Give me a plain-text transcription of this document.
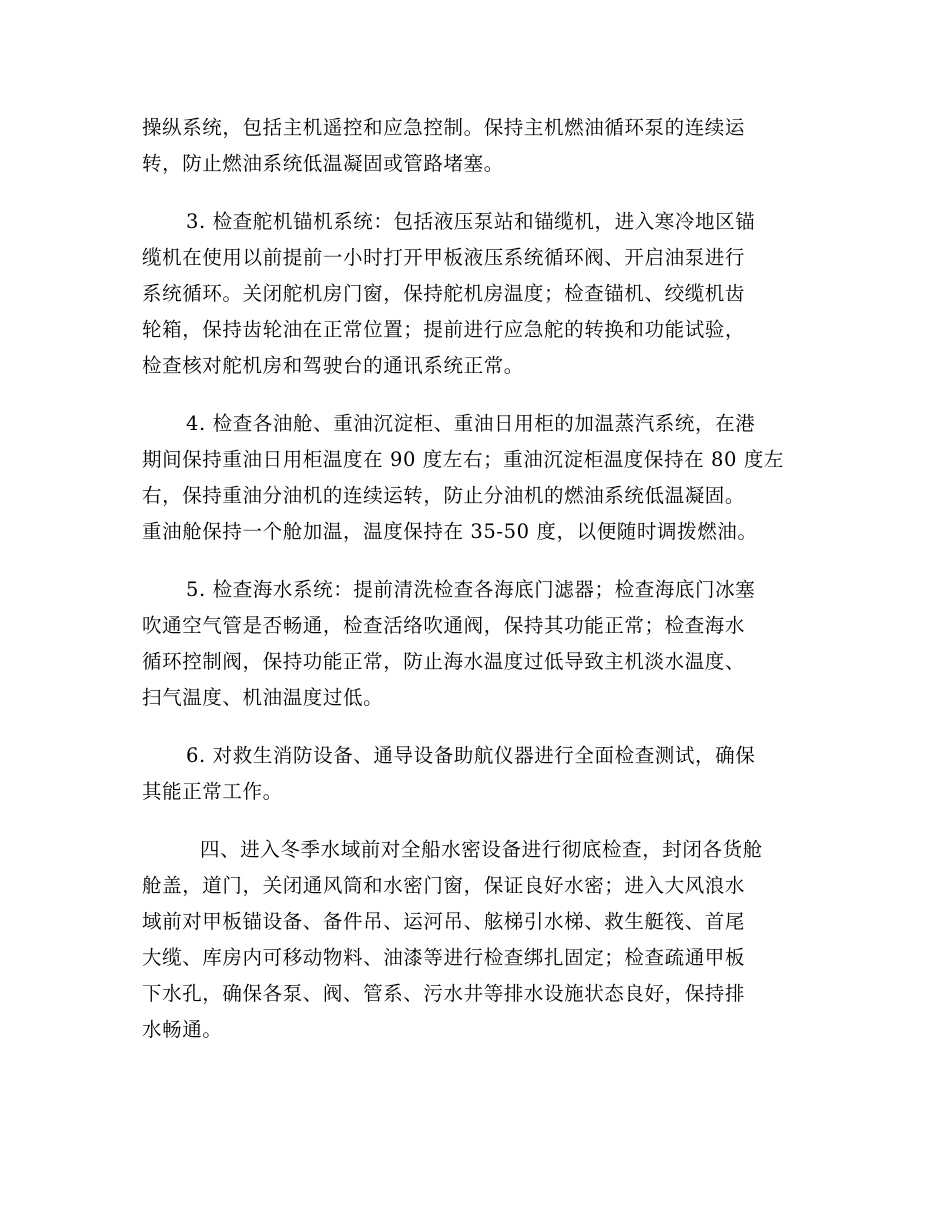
操纵系统，包括主机遥控和应急控制。保持主机燃油循环泵的连续运
转，防止燃油系统低温凝固或管路堵塞。

3. 检查舵机锚机系统：包括液压泵站和锚缆机，进入寒冷地区锚
缆机在使用以前提前一小时打开甲板液压系统循环阀、开启油泵进行
系统循环。关闭舵机房门窗，保持舵机房温度；检查锚机、绞缆机齿
轮箱，保持齿轮油在正常位置；提前进行应急舵的转换和功能试验，
检查核对舵机房和驾驶台的通讯系统正常。

4. 检查各油舱、重油沉淀柜、重油日用柜的加温蒸汽系统，在港
期间保持重油日用柜温度在 90 度左右；重油沉淀柜温度保持在 80 度左
右，保持重油分油机的连续运转，防止分油机的燃油系统低温凝固。
重油舱保持一个舱加温，温度保持在 35-50 度，以便随时调拨燃油。

5. 检查海水系统：提前清洗检查各海底门滤器；检查海底门冰塞
吹通空气管是否畅通，检查活络吹通阀，保持其功能正常；检查海水
循环控制阀，保持功能正常，防止海水温度过低导致主机淡水温度、
扫气温度、机油温度过低。

6. 对救生消防设备、通导设备助航仪器进行全面检查测试，确保
其能正常工作。

四、进入冬季水域前对全船水密设备进行彻底检查，封闭各货舱
舱盖，道门，关闭通风筒和水密门窗，保证良好水密；进入大风浪水
域前对甲板锚设备、备件吊、运河吊、舷梯引水梯、救生艇筏、首尾
大缆、库房内可移动物料、油漆等进行检查绑扎固定；检查疏通甲板
下水孔，确保各泵、阀、管系、污水井等排水设施状态良好，保持排
水畅通。
